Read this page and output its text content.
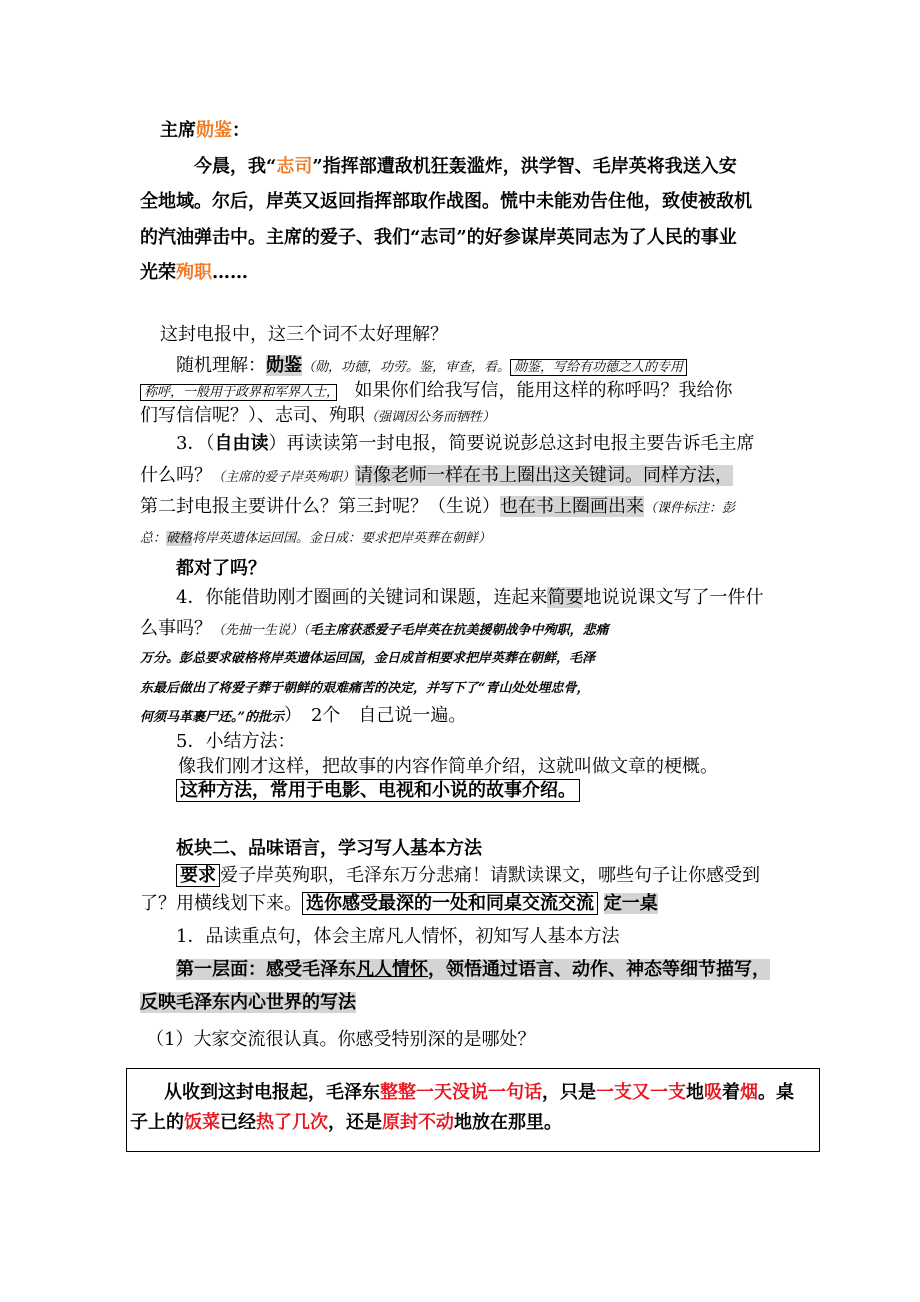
主席勋鉴：
今晨，我“志司”指挥部遭敌机狂轰滥炸，洪学智、毛岸英将我送入安
全地域。尔后，岸英又返回指挥部取作战图。慌中未能劝告住他，致使被敌机
的汽油弹击中。主席的爱子、我们“志司”的好参谋岸英同志为了人民的事业
光荣殉职……
这封电报中，这三个词不太好理解？
随机理解：勋鉴（勋，功德，功劳。鉴，审查，看。 勋鉴，写给有功德之人的专用
称呼，一般用于政界和军界人士，　 如果你们给我写信，能用这样的称呼吗？我给你
们写信信呢？）、志司、殉职（强调因公务而牺牲）
3．（自由读）再读读第一封电报，简要说说彭总这封电报主要告诉毛主席
什么吗？（主席的爱子岸英殉职）请像老师一样在书上圈出这关键词。同样方法，
第二封电报主要讲什么？第三封呢？（生说）也在书上圈画出来（课件标注：彭
总：破格将岸英遗体运回国。金日成：要求把岸英葬在朝鲜）
都对了吗？
4．你能借助刚才圈画的关键词和课题，连起来简要地说说课文写了一件什
么事吗？（先抽一生说）（毛主席获悉爱子毛岸英在抗美援朝战争中殉职，悲痛
万分。彭总要求破格将岸英遗体运回国，金日成首相要求把岸英葬在朝鲜，毛泽
东最后做出了将爱子葬于朝鲜的艰难痛苦的决定，并写下了“青山处处埋忠骨，
何须马革裹尸还。”的批示）　2个　自己说一遍。
5．小结方法：
像我们刚才这样，把故事的内容作简单介绍，这就叫做文章的梗概。
这种方法，常用于电影、电视和小说的故事介绍。
板块二、品味语言，学习写人基本方法
要求 爱子岸英殉职，毛泽东万分悲痛！请默读课文，哪些句子让你感受到
了？用横线划下来。 选你感受最深的一处和同桌交流交流 定一桌
1．品读重点句，体会主席凡人情怀，初知写人基本方法
第一层面：感受毛泽东凡人情怀，领悟通过语言、动作、神态等细节描写，
反映毛泽东内心世界的写法
（1）大家交流很认真。你感受特别深的是哪处？
从收到这封电报起，毛泽东整整一天没说一句话，只是一支又一支地吸着烟。桌
子上的饭菜已经热了几次，还是原封不动地放在那里。
